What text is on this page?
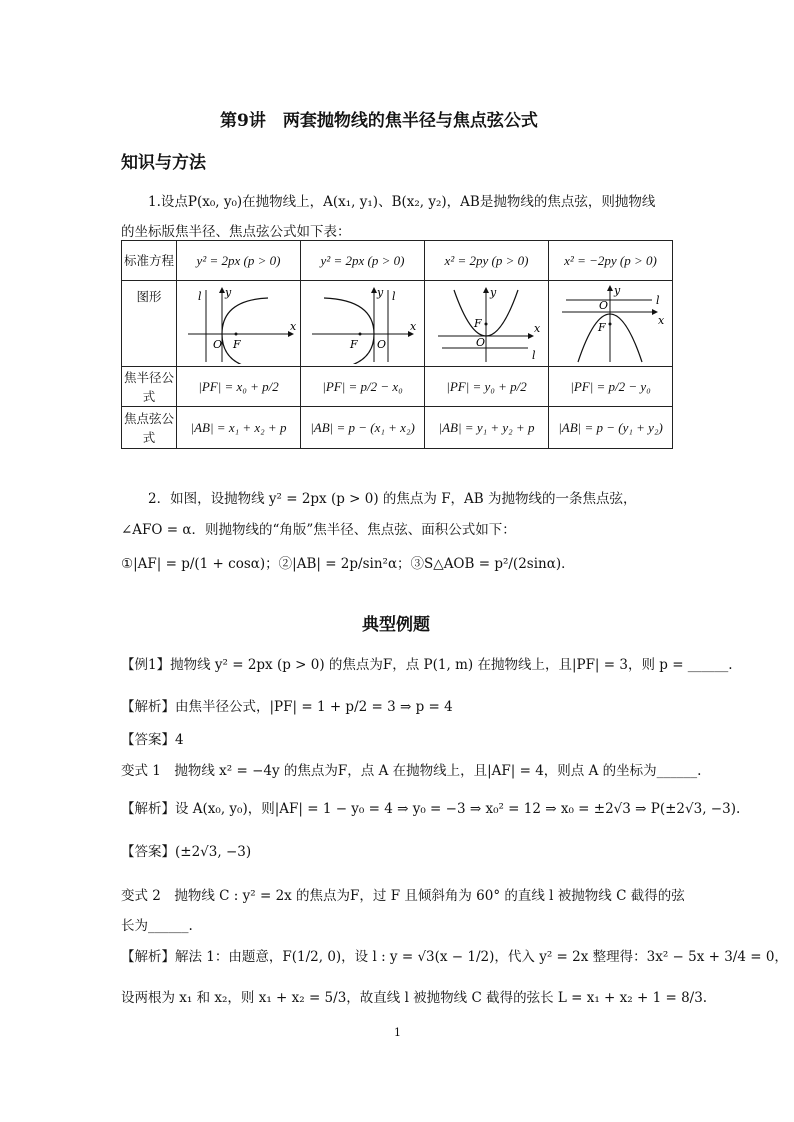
第9讲　两套抛物线的焦半径与焦点弦公式
知识与方法
1.设点P(x₀, y₀)在抛物线上，A(x₁, y₁)、B(x₂, y₂)，AB是抛物线的焦点弦，则抛物线
的坐标版焦半径、焦点弦公式如下表：
标准方程	y² = 2px (p > 0)	y² = 2px (p > 0)	x² = 2py (p > 0)	x² = −2py (p > 0)
图形	l y
x
O F	l
y
x
O
F	l
y
x
O
F	l
y
x
O
F

焦半径公式	|PF| = x₀ + p/2	|PF| = p/2 − x₀	|PF| = y₀ + p/2	|PF| = p/2 − y₀
焦点弦公式	|AB| = x₁ + x₂ + p	|AB| = p − (x₁ + x₂)	|AB| = y₁ + y₂ + p	|AB| = p − (y₁ + y₂)
2．如图，设抛物线 y² = 2px (p > 0) 的焦点为 F，AB 为抛物线的一条焦点弦，
∠AFO = α．则抛物线的“角版”焦半径、焦点弦、面积公式如下：
①|AF| = p/(1 + cosα)；②|AB| = 2p/sin²α；③S△AOB = p²/(2sinα)．
典型例题
【例1】抛物线 y² = 2px (p > 0) 的焦点为F，点 P(1, m) 在抛物线上，且|PF| = 3，则 p = ______.
【解析】由焦半径公式，|PF| = 1 + p/2 = 3 ⇒ p = 4
【答案】4
变式 1　抛物线 x² = −4y 的焦点为F，点 A 在抛物线上，且|AF| = 4，则点 A 的坐标为______.
【解析】设 A(x₀, y₀)，则|AF| = 1 − y₀ = 4 ⇒ y₀ = −3 ⇒ x₀² = 12 ⇒ x₀ = ±2√3 ⇒ P(±2√3, −3).
【答案】(±2√3, −3)
变式 2　抛物线 C : y² = 2x 的焦点为F，过 F 且倾斜角为 60° 的直线 l 被抛物线 C 截得的弦
长为______.
【解析】解法 1：由题意，F(1/2, 0)，设 l : y = √3(x − 1/2)，代入 y² = 2x 整理得：3x² − 5x + 3/4 = 0，
设两根为 x₁ 和 x₂，则 x₁ + x₂ = 5/3，故直线 l 被抛物线 C 截得的弦长 L = x₁ + x₂ + 1 = 8/3.
1
